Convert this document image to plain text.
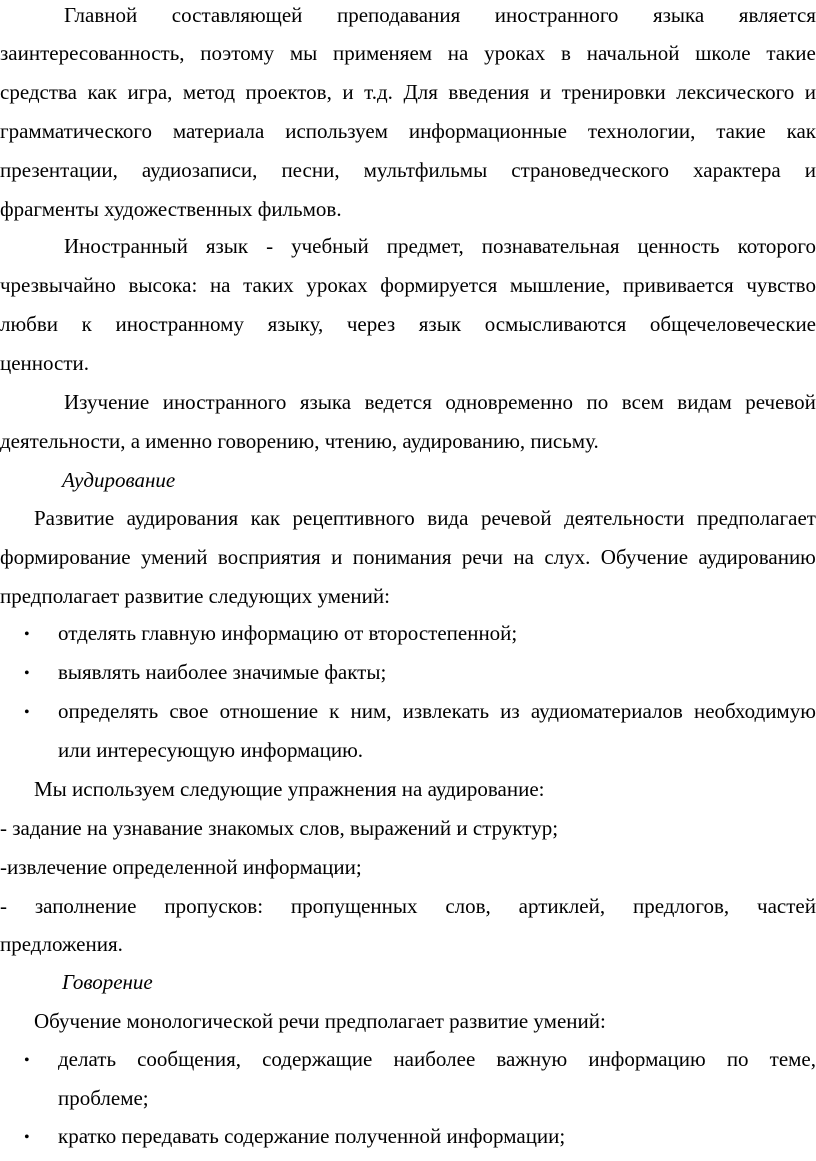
Главной составляющей преподавания иностранного языка является
заинтересованность, поэтому мы применяем на уроках в начальной школе такие
средства как игра, метод проектов, и т.д. Для введения и тренировки лексического и
грамматического материала используем информационные технологии, такие как
презентации, аудиозаписи, песни, мультфильмы страноведческого характера и
фрагменты художественных фильмов.
Иностранный язык - учебный предмет, познавательная ценность которого
чрезвычайно высока: на таких уроках формируется мышление, прививается чувство
любви к иностранному языку, через язык осмысливаются общечеловеческие
ценности.
Изучение иностранного языка ведется одновременно по всем видам речевой
деятельности, а именно говорению, чтению, аудированию, письму.
Аудирование
Развитие аудирования как рецептивного вида речевой деятельности предполагает
формирование умений восприятия и понимания речи на слух. Обучение аудированию
предполагает развитие следующих умений:
• отделять главную информацию от второстепенной;
• выявлять наиболее значимые факты;
• определять свое отношение к ним, извлекать из аудиоматериалов необходимую
или интересующую информацию.
Мы используем следующие упражнения на аудирование:
- задание на узнавание знакомых слов, выражений и структур;
-извлечение определенной информации;
- заполнение пропусков: пропущенных слов, артиклей, предлогов, частей
предложения.
Говорение
Обучение монологической речи предполагает развитие умений:
• делать сообщения, содержащие наиболее важную информацию по теме,
проблеме;
• кратко передавать содержание полученной информации;
